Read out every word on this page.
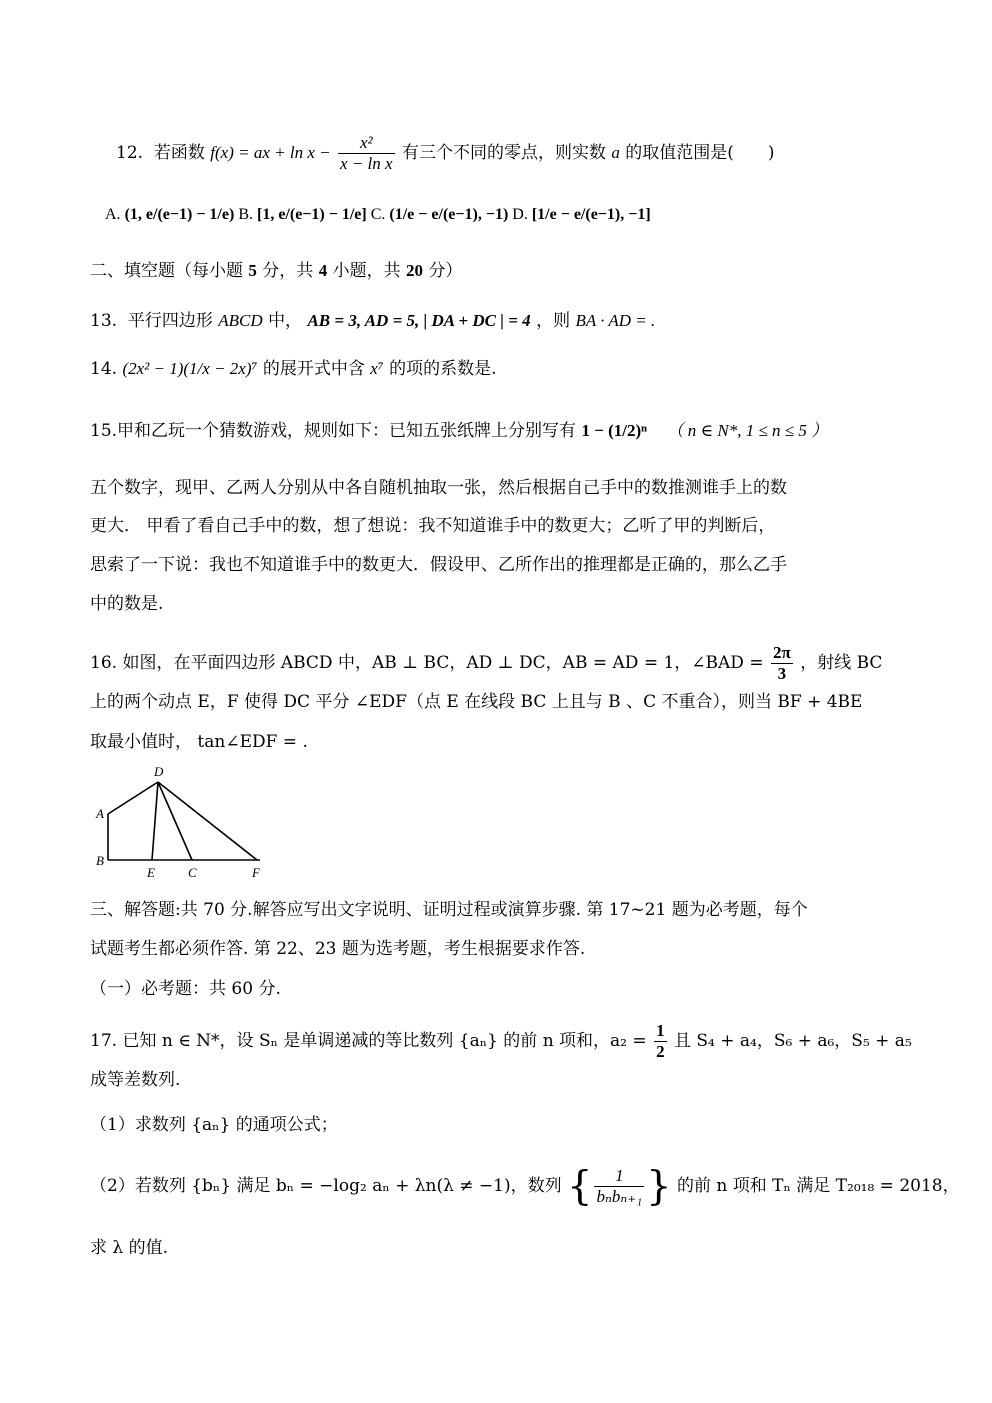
12. 若函数 f(x) = ax + $\ln x - \frac{\text{x²}}{\text{x − ln x}}$ 有三个不同的零点，则实数 a 的取值范围是(　　)
A. (1, e/(e−1) − 1/e) B. [1, e/(e−1) − 1/e] C. (1/e − e/(e−1), −1) D. [1/e − e/(e−1), −1]
二、填空题（每小题 5 分，共 4 小题，共 20 分）
13. 平行四边形 ABCD 中， AB = 3, AD = 5, | DA + DC | = 4 ，则 BA · AD = .
14. (2x² − 1)(1/x − 2x)⁷ 的展开式中含 x⁷ 的项的系数是.
15.甲和乙玩一个猜数游戏，规则如下：已知五张纸牌上分别写有 1 − (1/2)ⁿ （ n ∈ N*, 1 ≤ n ≤ 5 ）
五个数字，现甲、乙两人分别从中各自随机抽取一张，然后根据自己手中的数推测谁手上的数
更大． 甲看了看自己手中的数，想了想说：我不知道谁手中的数更大；乙听了甲的判断后，
思索了一下说：我也不知道谁手中的数更大．假设甲、乙所作出的推理都是正确的，那么乙手
中的数是.
16. 如图，在平面四边形 ABCD 中，AB ⊥ BC，AD ⊥ DC，AB = AD = 1，∠BAD = $\frac{2\pi}{3}$ ，射线 BC
上的两个动点 E，F 使得 DC 平分 ∠EDF（点 E 在线段 BC 上且与 B 、C 不重合），则当 BF + 4BE
取最小值时， tan∠EDF = .
D
A
B
E	C	F
三、解答题:共 70 分.解答应写出文字说明、证明过程或演算步骤. 第 17~21 题为必考题，每个
试题考生都必须作答. 第 22、23 题为选考题，考生根据要求作答.
（一）必考题：共 60 分.
17. 已知 n ∈ N*，设 Sₙ 是单调递减的等比数列 {aₙ} 的前 n 项和，$a_2 = \frac{1}{2}$ 且 S₄ + a₄，S₆ + a₆，S₅ + a₅
成等差数列.
（1）求数列 {aₙ} 的通项公式；
（2）若数列 {bₙ} 满足 bₙ = −log₂ aₙ + λn(λ ≠ −1)，数列 { $\frac{1}{\text{bₙbₙ₊₁}}$ } 的前 n 项和 Tₙ 满足 T₂₀₁₈ = 2018，
求 λ 的值.
